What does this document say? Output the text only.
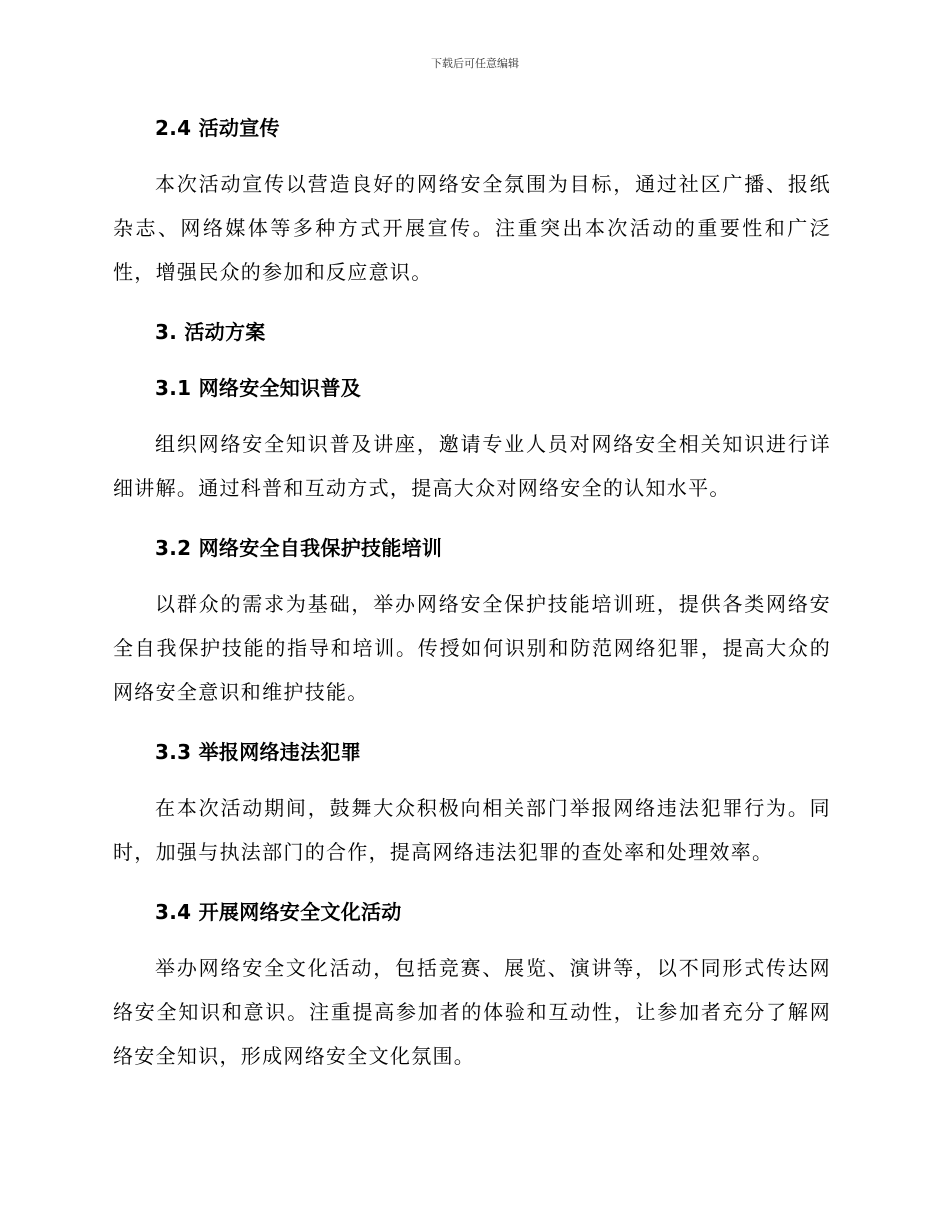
下载后可任意编辑
2.4 活动宣传

本次活动宣传以营造良好的网络安全氛围为目标，通过社区广播、报纸杂志、网络媒体等多种方式开展宣传。注重突出本次活动的重要性和广泛性，增强民众的参加和反应意识。

3. 活动方案
3.1 网络安全知识普及

组织网络安全知识普及讲座，邀请专业人员对网络安全相关知识进行详细讲解。通过科普和互动方式，提高大众对网络安全的认知水平。

3.2 网络安全自我保护技能培训

以群众的需求为基础，举办网络安全保护技能培训班，提供各类网络安全自我保护技能的指导和培训。传授如何识别和防范网络犯罪，提高大众的网络安全意识和维护技能。

3.3 举报网络违法犯罪

在本次活动期间，鼓舞大众积极向相关部门举报网络违法犯罪行为。同时，加强与执法部门的合作，提高网络违法犯罪的查处率和处理效率。

3.4 开展网络安全文化活动

举办网络安全文化活动，包括竞赛、展览、演讲等，以不同形式传达网络安全知识和意识。注重提高参加者的体验和互动性，让参加者充分了解网络安全知识，形成网络安全文化氛围。
